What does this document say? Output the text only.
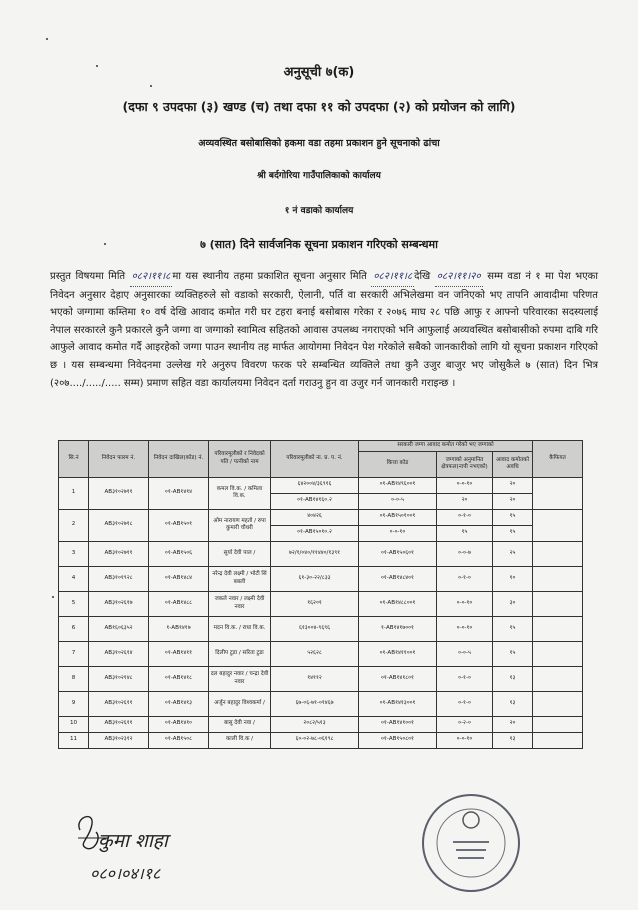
अनुसूची ७(क)
(दफा ९ उपदफा (३) खण्ड (च) तथा दफा ११ को उपदफा (२) को प्रयोजन को लागि)
अव्यवस्थित बसोबासिको हकमा वडा तहमा प्रकाशन हुने सूचनाको ढांचा
श्री बर्दगोरिया गाउँपालिकाको कार्यालय
१ नं वडाको कार्यालय
७ (सात) दिने सार्वजनिक सूचना प्रकाशन गरिएको सम्बन्धमा
प्रस्तुत विषयमा मिति ०८२।११।८ मा यस स्थानीय तहमा प्रकाशित सूचना अनुसार मिति ०८२।११।८ देखि ०८२।११।२० सम्म वडा नं १ मा पेश भएका निवेदन अनुसार देहाए अनुसारका व्यक्तिहरुले सो वडाको सरकारी, ऐलानी, पर्ति वा सरकारी अभिलेखमा वन जनिएको भए तापनि आवादीमा परिणत भएको जग्गामा कम्तिमा १० वर्ष देखि आवाद कमोत गरी घर टहरा बनाई बसोबास गरेका र २०७६ माघ २८ पछि आफु र आफ्नो परिवारका सदस्यलाई नेपाल सरकारले कुनै प्रकारले कुनै जग्गा वा जग्गाको स्वामित्व सहितको आवास उपलब्ध नगराएको भनि आफुलाई अव्यवस्थित बसोबासीको रुपमा दाबि गरि आफुले आवाद कमोत गर्दै आइरहेको जग्गा पाउन स्थानीय तह मार्फत आयोगमा निवेदन पेश गरेकोले सबैको जानकारीको लागि यो सूचना प्रकाशन गरिएको छ । यस सम्बन्धमा निवेदनमा उल्लेख गरे अनुरुप विवरण फरक परे सम्बन्धित व्यक्तिले तथा कुनै उजुर बाजुर भए जोसुकैले ७ (सात) दिन भित्र (२०७..../...../..... सम्म) प्रमाण सहित वडा कार्यालयमा निवेदन दर्ता गराउनु हुन वा उजुर गर्न जानकारी गराइन्छ ।
सि.नं	निवेदन फारम नं.	निवेदन दाखिल(कोड) नं.	परिवारमूलीको र निवेदको पति / पत्नीको नाम	परिवारमूलीको ना. प्र. प. नं.	सरकारी जग्गा आवाद कमोत गरेको भए जग्गाको			कैफियत
					कित्ता कोड	जग्गाको अनुमानित क्षेत्रफल(नापी नभएको)	आवाद कमोतको अवधि	
1	AB३१०२७११	०१-AB१४१४	कमल वि.क. / कमिला वि.क.	६४२००४/३६९१६	०१-AB१४९६००१	०-०-१०	२०	
				०१-AB१४१६०.२	०-०-५	२०	२०	
2	AB३१०२७१८	०१-AB१५०१	ओम नारायण महतो / रुपा कुमारी चौधरी	४०४२६	०१-AB१५०१००१	०-१-०	१५	
				०१-AB१५०१०.२	०-०-१०	१५	१५	
3	AB३१०२७११	०१-AB१५०६	सुर्या देवी पाल /	७२/१/०४०/११४४०/१३९१	०१-AB१५०६०१	०-०-७	२५	
4	AB३१०१९२८	०१-AB१४८४	नरेन्द्र देवी लक्ष्मी / भोटी सिं बबली	६१-३०-२२/८३३	०१-AB१४८४०१	०-१-०	१०	
5	AB३१०२६१७	०१-AB१४८८	जकले नवार / लक्ष्मी देवी नवार	१६२०१	०१-AB१४८८००१	०-०-१०	३०	
6	AB१६०६३५२	१-AB१४१७	मदन वि.क. / राधा वि.क.	६१३००४-९६९६	१-AB१४१७००१	०-०-१०	१५	
7	AB३१०२६१४	०१-AB१४११	दिलीप टुडा / सरिता टुडा	५२६२८	०१-AB१४११००१	०-०-५	१५	
8	AB३१०२१४८	०१-AB१४१८	दल बहादुर नवार / चन्द्रा देवी नवार	१४११२	०१-AB१४१८०१	०-१-०	१३	
9	AB३१०२६११	०१-AB१४१३	अर्जुन बहादुर विश्वकर्मा /	६७-०६-७१-०१४६७	०१-AB१४१३००१	०-१-०	१३	
10	AB३१०२६११	०१-AB१४१०	बासु देवी नवा /	२०८२/५१३	०१-AB१४१००१	०-२-०	२०	
11	AB३१०२३१२	०१-AB१५०८	काली वि.क /	६०-०२-७८-०६१९८	०१-AB१५०८०१	०-०-१०	१३	
कुमा शाहा
०८०।०४।१८
